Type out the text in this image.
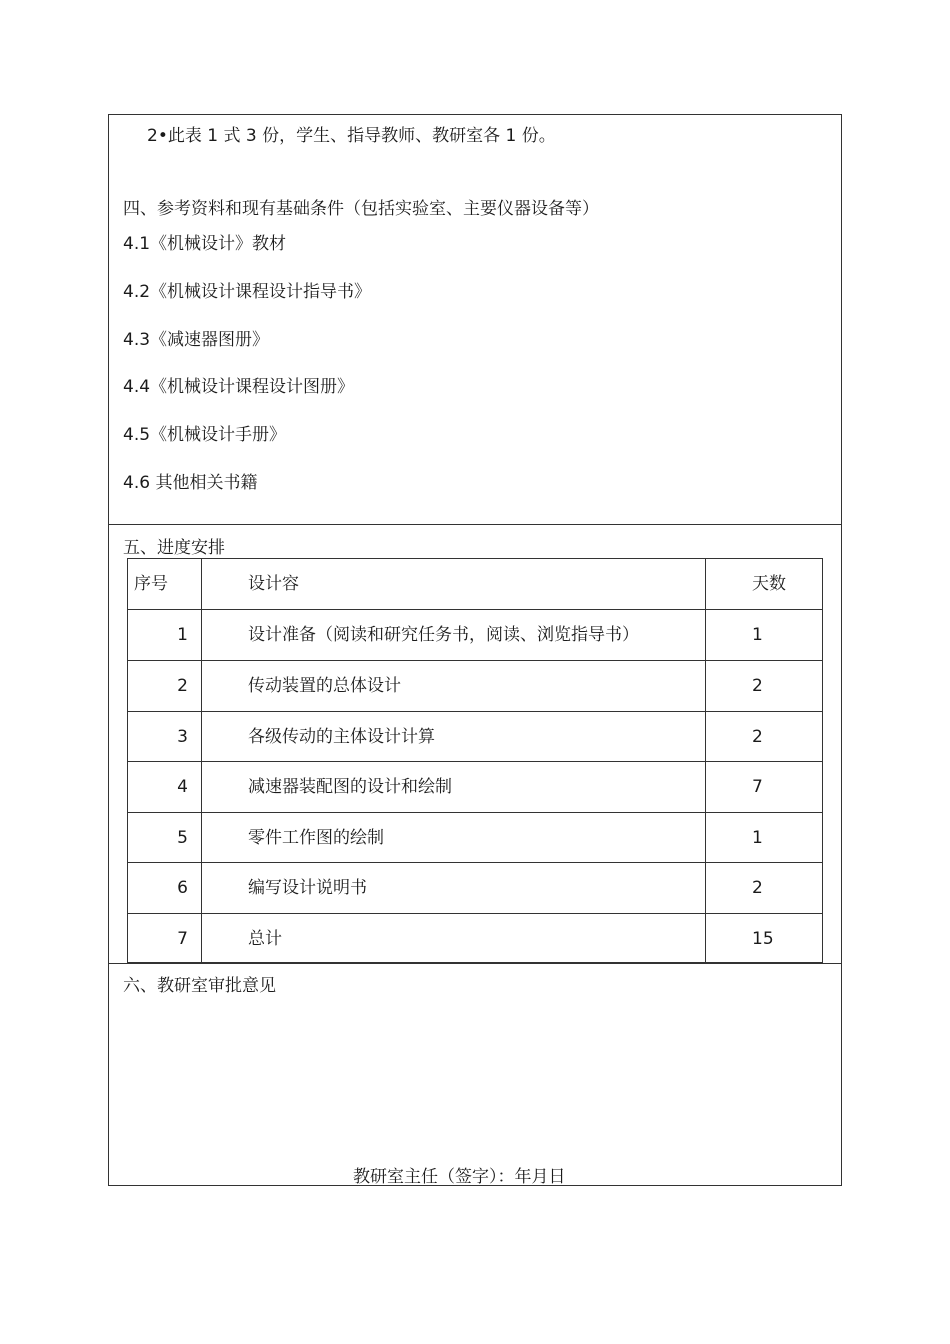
2•此表 1 式 3 份，学生、指导教师、教研室各 1 份。
四、参考资料和现有基础条件（包括实验室、主要仪器设备等）
4.1《机械设计》教材
4.2《机械设计课程设计指导书》
4.3《减速器图册》
4.4《机械设计课程设计图册》
4.5《机械设计手册》
4.6 其他相关书籍
五、进度安排
序号	设计容	天数
1	设计准备（阅读和研究任务书，阅读、浏览指导书）	1
2	传动装置的总体设计	2
3	各级传动的主体设计计算	2
4	减速器装配图的设计和绘制	7
5	零件工作图的绘制	1
6	编写设计说明书	2
7	总计	15
六、教研室审批意见
教研室主任（签字）：年月日
